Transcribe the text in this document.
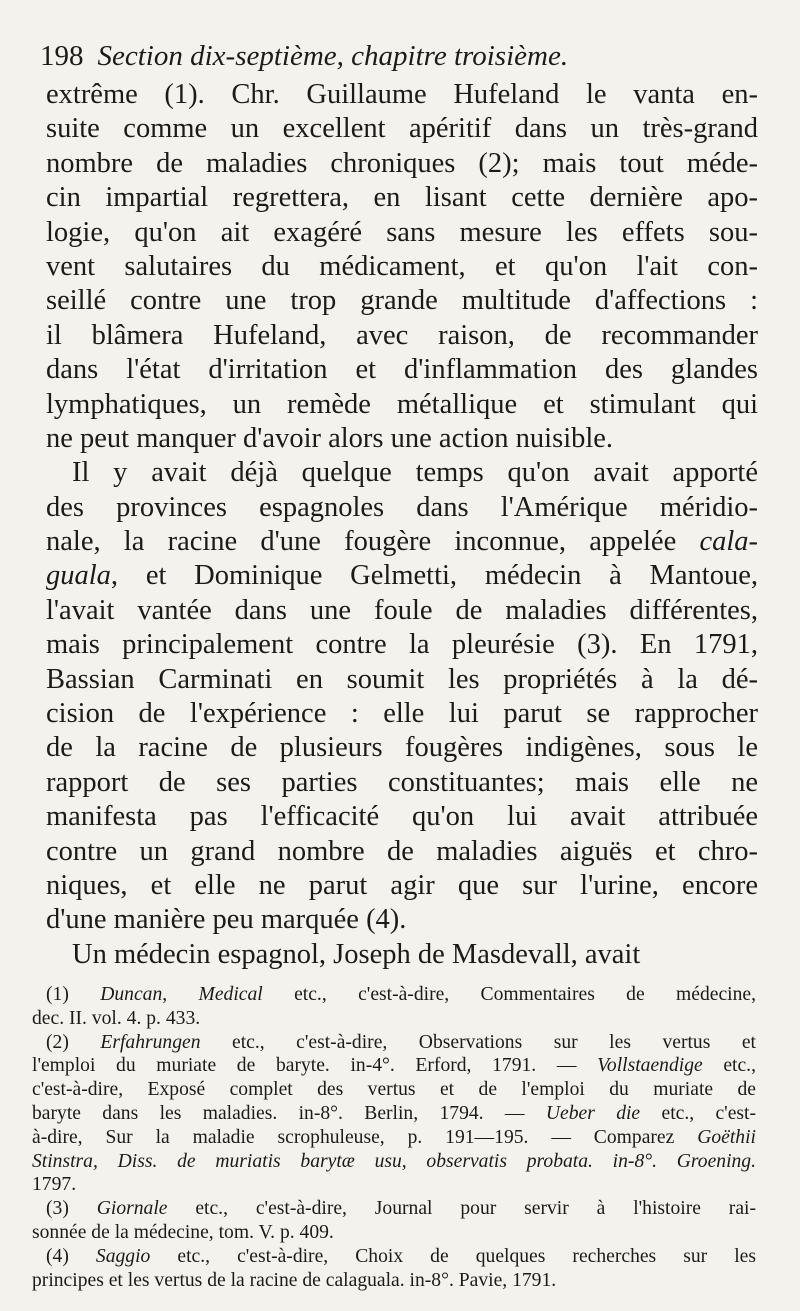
198 Section dix-septième, chapitre troisième.
extrême (1). Chr. Guillaume Hufeland le vanta en-
suite comme un excellent apéritif dans un très-grand
nombre de maladies chroniques (2); mais tout méde-
cin impartial regrettera, en lisant cette dernière apo-
logie, qu'on ait exagéré sans mesure les effets sou-
vent salutaires du médicament, et qu'on l'ait con-
seillé contre une trop grande multitude d'affections :
il blâmera Hufeland, avec raison, de recommander
dans l'état d'irritation et d'inflammation des glandes
lymphatiques, un remède métallique et stimulant qui
ne peut manquer d'avoir alors une action nuisible.
Il y avait déjà quelque temps qu'on avait apporté
des provinces espagnoles dans l'Amérique méridio-
nale, la racine d'une fougère inconnue, appelée cala-
guala, et Dominique Gelmetti, médecin à Mantoue,
l'avait vantée dans une foule de maladies différentes,
mais principalement contre la pleurésie (3). En 1791,
Bassian Carminati en soumit les propriétés à la dé-
cision de l'expérience : elle lui parut se rapprocher
de la racine de plusieurs fougères indigènes, sous le
rapport de ses parties constituantes; mais elle ne
manifesta pas l'efficacité qu'on lui avait attribuée
contre un grand nombre de maladies aiguës et chro-
niques, et elle ne parut agir que sur l'urine, encore
d'une manière peu marquée (4).
Un médecin espagnol, Joseph de Masdevall, avait
(1) Duncan, Medical etc., c'est-à-dire, Commentaires de médecine,
dec. II. vol. 4. p. 433.
(2) Erfahrungen etc., c'est-à-dire, Observations sur les vertus et
l'emploi du muriate de baryte. in-4°. Erford, 1791. — Vollstaendige etc.,
c'est-à-dire, Exposé complet des vertus et de l'emploi du muriate de
baryte dans les maladies. in-8°. Berlin, 1794. — Ueber die etc., c'est-
à-dire, Sur la maladie scrophuleuse, p. 191—195. — Comparez Goëthii
Stinstra, Diss. de muriatis barytæ usu, observatis probata. in-8°. Groening.
1797.
(3) Giornale etc., c'est-à-dire, Journal pour servir à l'histoire rai-
sonnée de la médecine, tom. V. p. 409.
(4) Saggio etc., c'est-à-dire, Choix de quelques recherches sur les
principes et les vertus de la racine de calaguala. in-8°. Pavie, 1791.
